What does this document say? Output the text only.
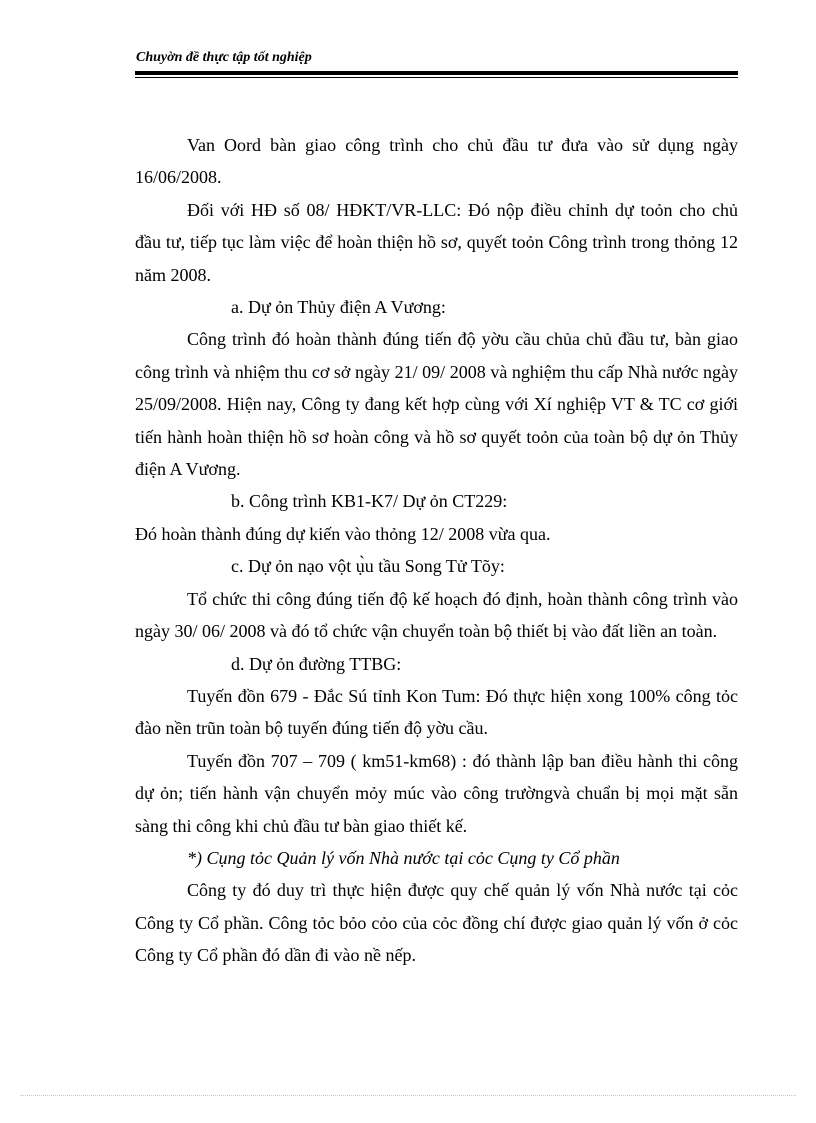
Chuyờn đề thực tập tốt nghiệp

Van Oord bàn giao công trình cho chủ đầu tư đưa vào sử dụng ngày 16/06/2008.

Đối với HĐ số 08/ HĐKT/VR-LLC: Đó nộp điều chỉnh dự toỏn cho chủ đầu tư, tiếp tục làm việc để hoàn thiện hồ sơ, quyết toỏn Công trình trong thỏng 12 năm 2008.

a. Dự ỏn Thủy điện A Vương:

Công trình đó hoàn thành đúng tiến độ yờu cầu chủa chủ đầu tư, bàn giao công trình và nhiệm thu cơ sở ngày 21/ 09/ 2008 và nghiệm thu cấp Nhà nước ngày 25/09/2008. Hiện nay, Công ty đang kết hợp cùng với Xí nghiệp VT & TC cơ giới tiến hành hoàn thiện hồ sơ hoàn công và hồ sơ quyết toỏn của toàn bộ dự ỏn Thủy điện A Vương.

b. Công trình KB1-K7/ Dự ỏn CT229:

Đó hoàn thành đúng dự kiến vào thỏng 12/ 2008 vừa qua.

c. Dự ỏn nạo vột ụ̀u tầu Song Tử Tõy:

Tổ chức thi công đúng tiến độ kế hoạch đó định, hoàn thành công trình vào ngày 30/ 06/ 2008 và đó tổ chức vận chuyển toàn bộ thiết bị vào đất liền an toàn.

d. Dự ỏn đường TTBG:

Tuyến đồn 679 - Đắc Sú tỉnh Kon Tum: Đó thực hiện xong 100% công tỏc đào nền trũn toàn bộ tuyến đúng tiến độ yờu cầu.

Tuyến đồn 707 – 709 ( km51-km68) : đó thành lập ban điều hành thi công dự ỏn; tiến hành vận chuyển mỏy múc vào công trườngvà chuẩn bị mọi mặt sẵn sàng thi công khi chủ đầu tư bàn giao thiết kế.

*) Cụng tỏc Quản lý vốn Nhà nước tại cỏc Cụng ty Cổ phần

Công ty đó duy trì thực hiện được quy chế quản lý vốn Nhà nước tại cỏc Công ty Cổ phần. Công tỏc bỏo cỏo của cỏc đồng chí được giao quản lý vốn ở cỏc Công ty Cổ phần đó dần đi vào nề nếp.
